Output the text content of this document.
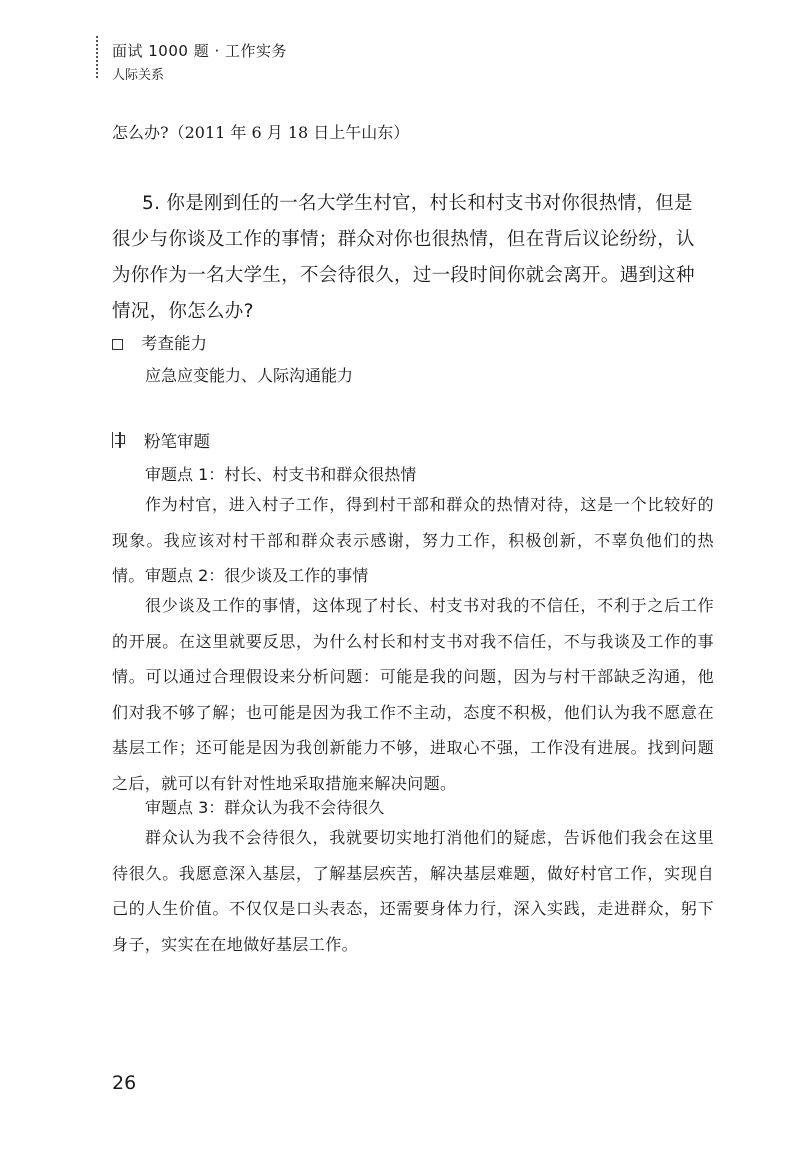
面试 1000 题 · 工作实务
人际关系
怎么办?（2011 年 6 月 18 日上午山东）
5. 你是刚到任的一名大学生村官，村长和村支书对你很热情，但是很少与你谈及工作的事情；群众对你也很热情，但在背后议论纷纷，认为你作为一名大学生，不会待很久，过一段时间你就会离开。遇到这种情况，你怎么办?
考查能力
应急应变能力、人际沟通能力
粉笔审题
审题点 1：村长、村支书和群众很热情
作为村官，进入村子工作，得到村干部和群众的热情对待，这是一个比较好的现象。我应该对村干部和群众表示感谢，努力工作，积极创新，不辜负他们的热情。 审题点 2：很少谈及工作的事情
很少谈及工作的事情，这体现了村长、村支书对我的不信任，不利于之后工作的开展。在这里就要反思，为什么村长和村支书对我不信任，不与我谈及工作的事情。可以通过合理假设来分析问题：可能是我的问题，因为与村干部缺乏沟通，他们对我不够了解；也可能是因为我工作不主动，态度不积极，他们认为我不愿意在基层工作；还可能是因为我创新能力不够，进取心不强，工作没有进展。找到问题之后，就可以有针对性地采取措施来解决问题。
审题点 3：群众认为我不会待很久
群众认为我不会待很久，我就要切实地打消他们的疑虑，告诉他们我会在这里待很久。我愿意深入基层，了解基层疾苦，解决基层难题，做好村官工作，实现自己的人生价值。不仅仅是口头表态，还需要身体力行，深入实践，走进群众，躬下身子，实实在在地做好基层工作。
26
